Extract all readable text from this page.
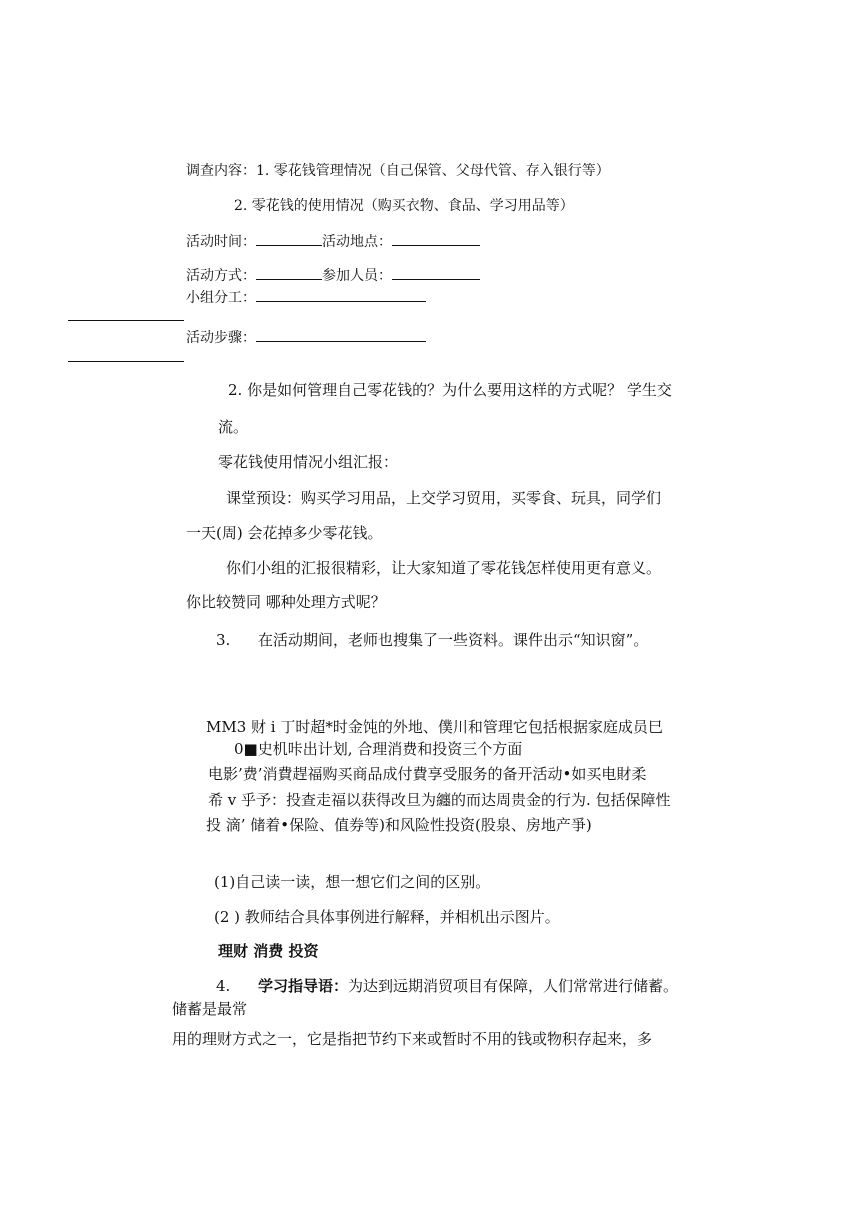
调查内容：1. 零花钱管理情况（自己保管、父母代管、存入银行等）
2. 零花钱的使用情况（购买衣物、食品、学习用品等）
活动时间：	活动地点：
活动方式：	参加人员：
小组分工：
活动步骤：
2. 你是如何管理自己零花钱的？为什么要用这样的方式呢？ 学生交
流。
零花钱使用情况小组汇报：
课堂预设：购买学习用品，上交学习贸用，买零食、玩具，同学们
一天(周) 会花掉多少零花钱。
你们小组的汇报很精彩，让大家知道了零花钱怎样使用更有意义。
你比较赞同 哪种处理方式呢？
3. 在活动期间，老师也搜集了一些资料。课件出示“知识窗”。
MM3 财 i 丁时超*时金饨的外地、僕川和管理它包括根据家庭成员巳
0■史机咔出计划, 合理消费和投资三个方面
电影’费’消費趕福购买商品成付費享受服务的备开活动•如买电財柔
希 v 乎予：投查走福以获得改旦为纏的而达周贵金的行为. 包括保障性
投 滴’ 储着•保险、值券等)和风险性投资(股泉、房地产爭)
(1)自己读一读，想一想它们之间的区别。
(2 ) 教师结合具体事例进行解释，并相机出示图片。
理财 消费 投资
4. 学习指导语：为达到远期消贸项目有保障，人们常常进行储蓄。
储蓄是最常
用的理财方式之一，它是指把节约下来或暂时不用的钱或物积存起来，多
